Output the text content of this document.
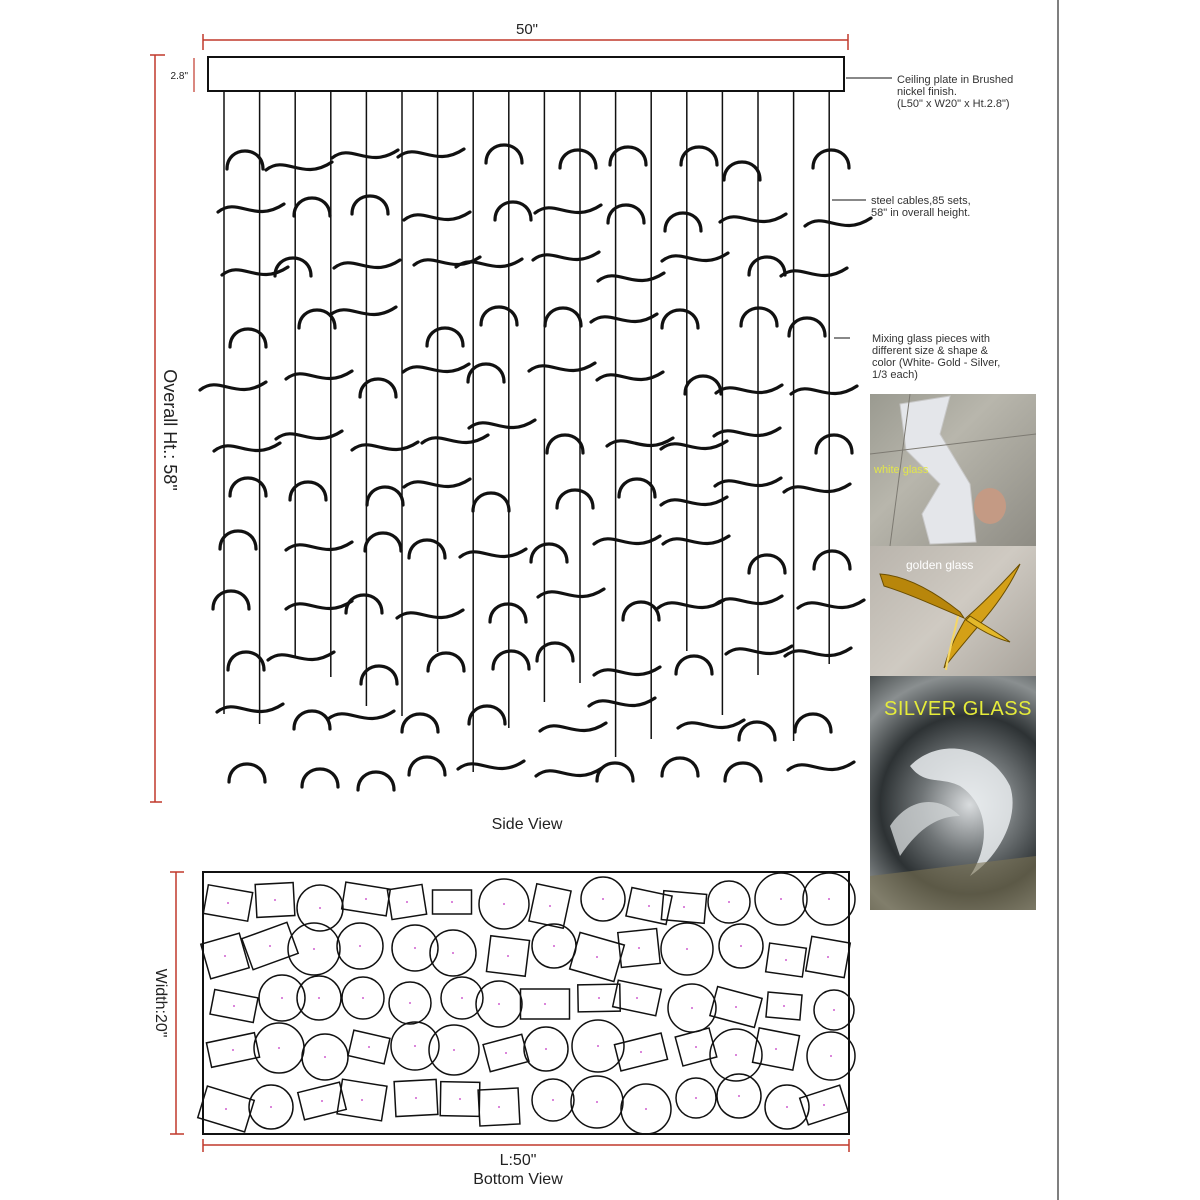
50"
2.8"
Overall Ht.: 58"
Side View
Width:20"
L:50"
Bottom View
Ceiling plate in Brushed
nickel finish.
(L50" x W20" x Ht.2.8")
steel cables,85 sets,
58" in overall height.
Mixing glass pieces with
different size & shape &
color (White- Gold - Silver,
1/3 each)
white glass
golden glass
SILVER GLASS
